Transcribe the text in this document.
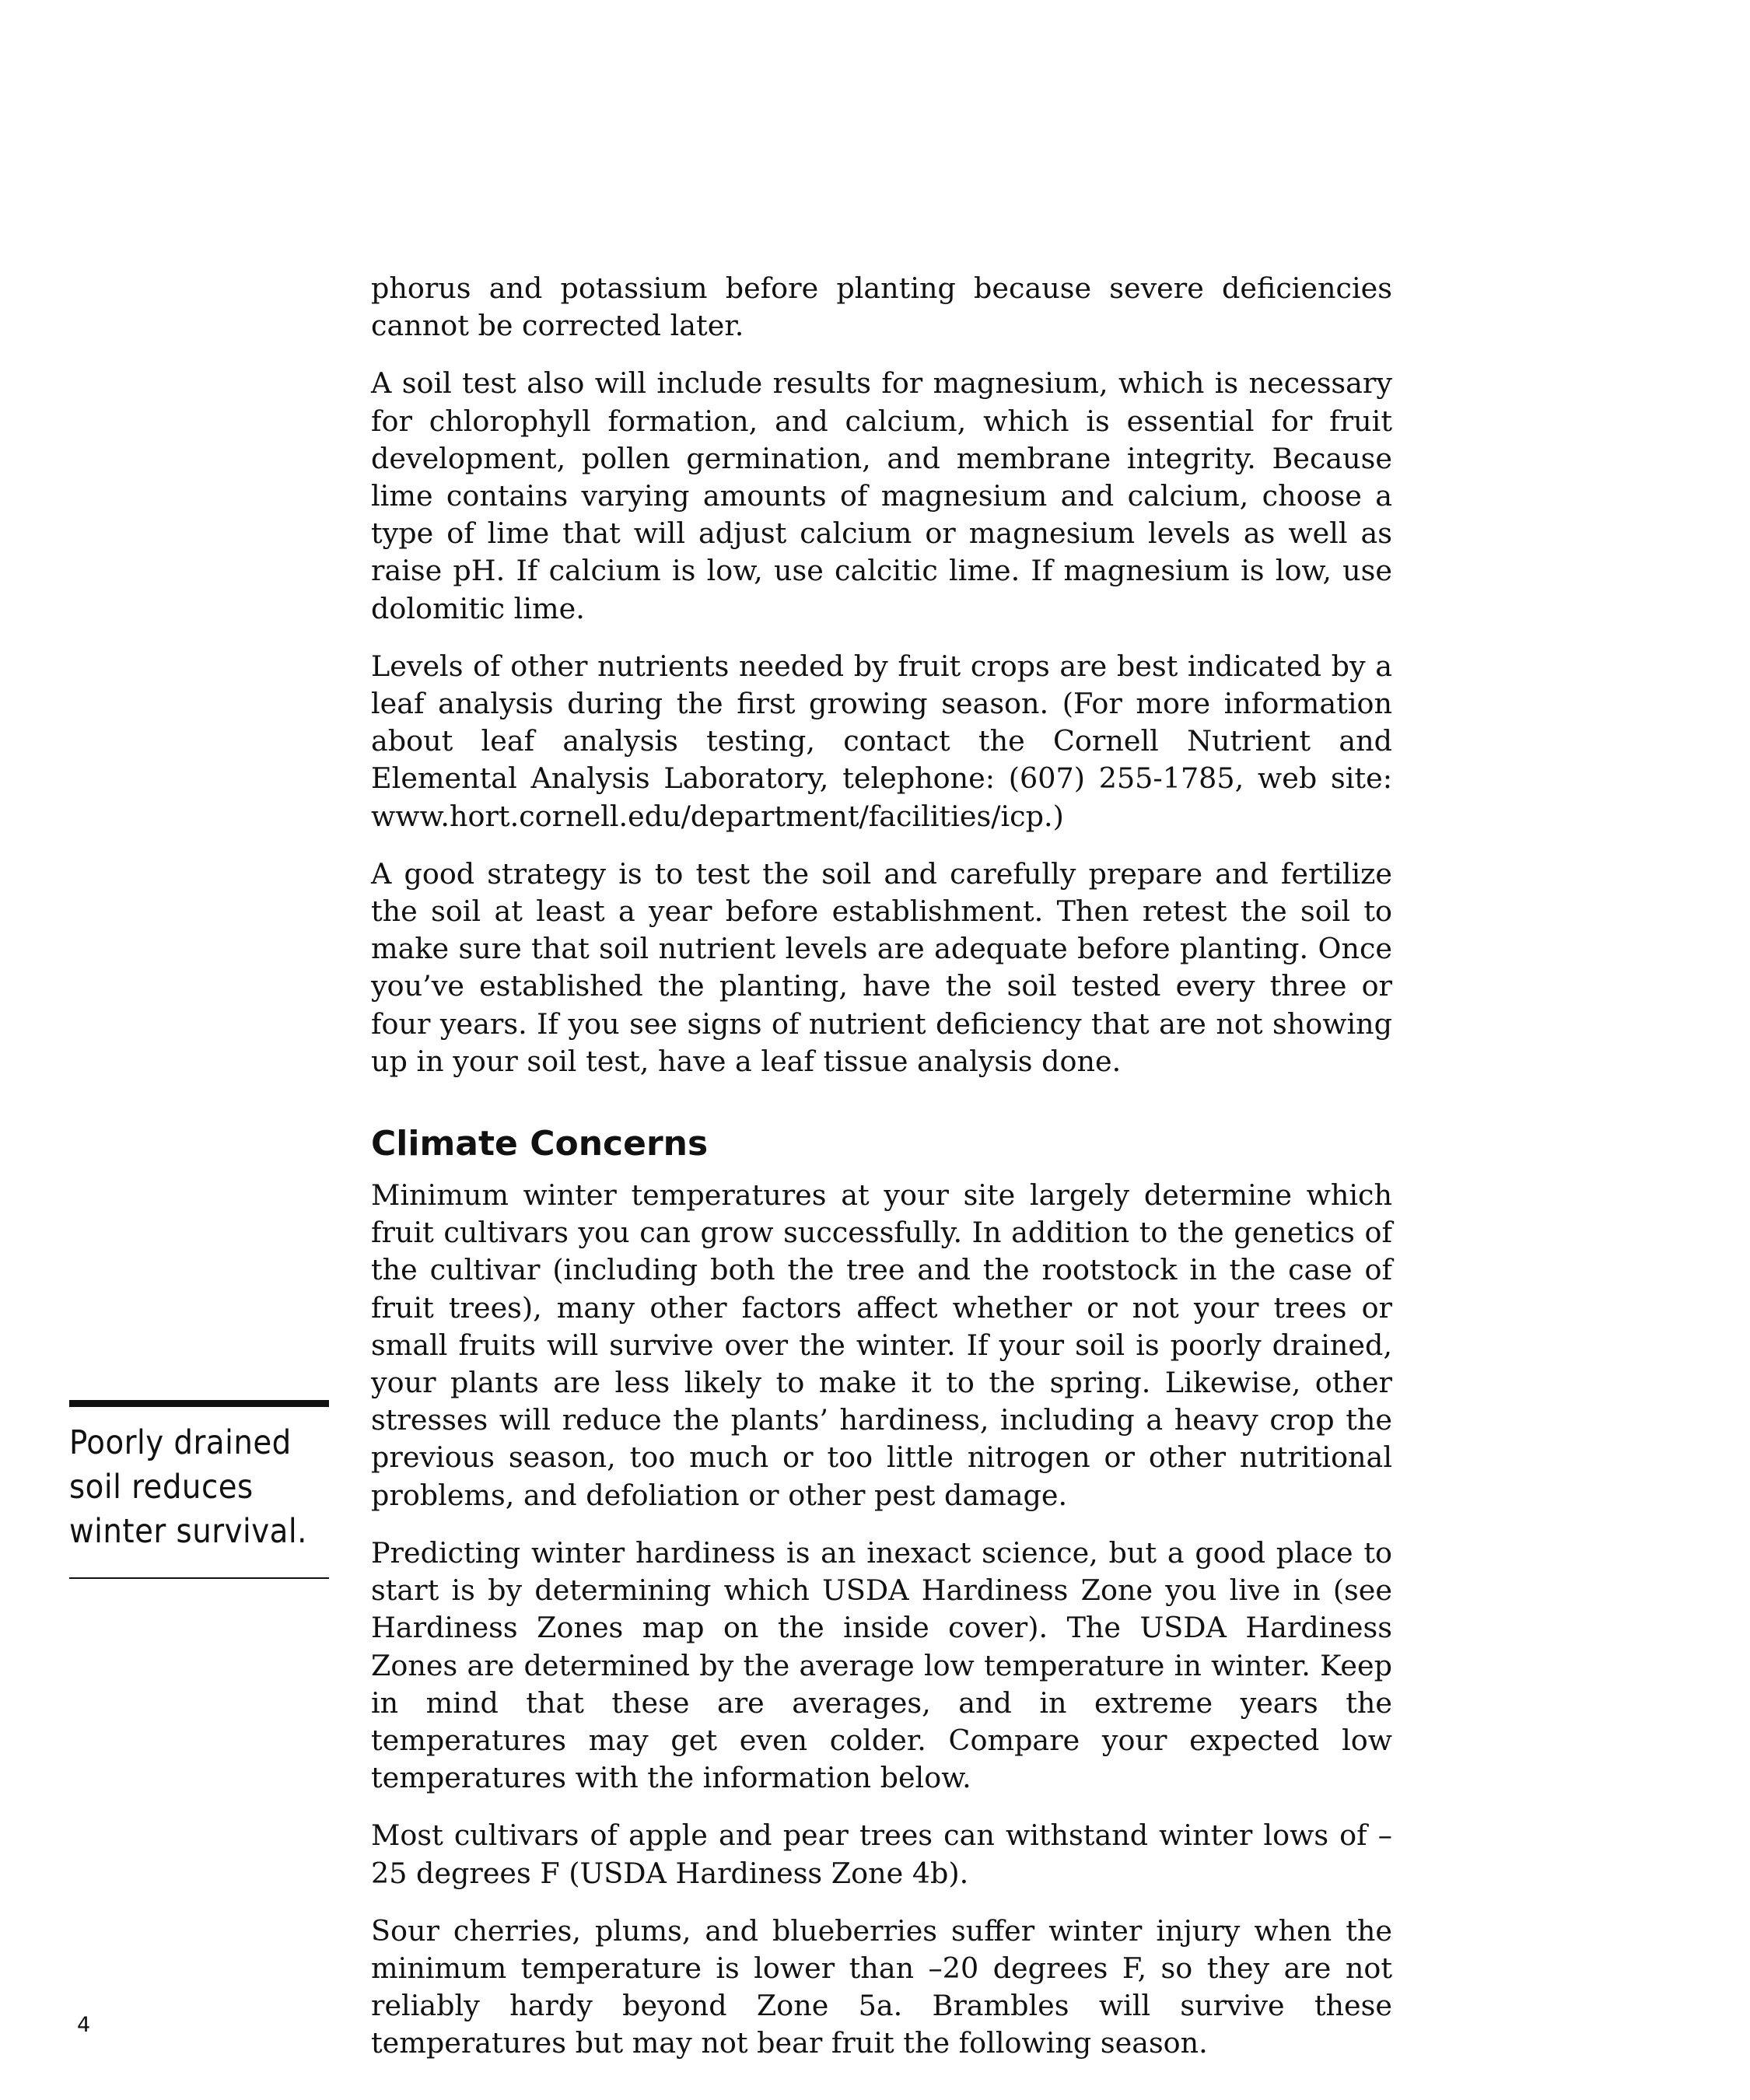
phorus and potassium before planting because severe deficiencies cannot be corrected later.

A soil test also will include results for magnesium, which is necessary for chlorophyll formation, and calcium, which is essential for fruit development, pollen germination, and membrane integrity. Because lime contains varying amounts of magnesium and calcium, choose a type of lime that will adjust calcium or magnesium levels as well as raise pH. If calcium is low, use calcitic lime. If magnesium is low, use dolomitic lime.

Levels of other nutrients needed by fruit crops are best indicated by a leaf analysis during the first growing season. (For more information about leaf analysis testing, contact the Cornell Nutrient and Elemental Analysis Laboratory, telephone: (607) 255-1785, web site: www.hort.cornell.edu/department/facilities/icp.)

A good strategy is to test the soil and carefully prepare and fertilize the soil at least a year before establishment. Then retest the soil to make sure that soil nutrient levels are adequate before planting. Once you’ve established the planting, have the soil tested every three or four years. If you see signs of nutrient deficiency that are not showing up in your soil test, have a leaf tissue analysis done.

Climate Concerns

Minimum winter temperatures at your site largely determine which fruit cultivars you can grow successfully. In addition to the genetics of the cultivar (including both the tree and the rootstock in the case of fruit trees), many other factors affect whether or not your trees or small fruits will survive over the winter. If your soil is poorly drained, your plants are less likely to make it to the spring. Likewise, other stresses will reduce the plants’ hardiness, including a heavy crop the previous season, too much or too little nitrogen or other nutritional problems, and defoliation or other pest damage.

Predicting winter hardiness is an inexact science, but a good place to start is by determining which USDA Hardiness Zone you live in (see Hardiness Zones map on the inside cover). The USDA Hardiness Zones are determined by the average low temperature in winter. Keep in mind that these are averages, and in extreme years the temperatures may get even colder. Compare your expected low temperatures with the information below.

Most cultivars of apple and pear trees can withstand winter lows of –25 degrees F (USDA Hardiness Zone 4b).

Sour cherries, plums, and blueberries suffer winter injury when the minimum temperature is lower than –20 degrees F, so they are not reliably hardy beyond Zone 5a. Brambles will survive these temperatures but may not bear fruit the following season.

Poorly drained soil reduces winter survival.
4
